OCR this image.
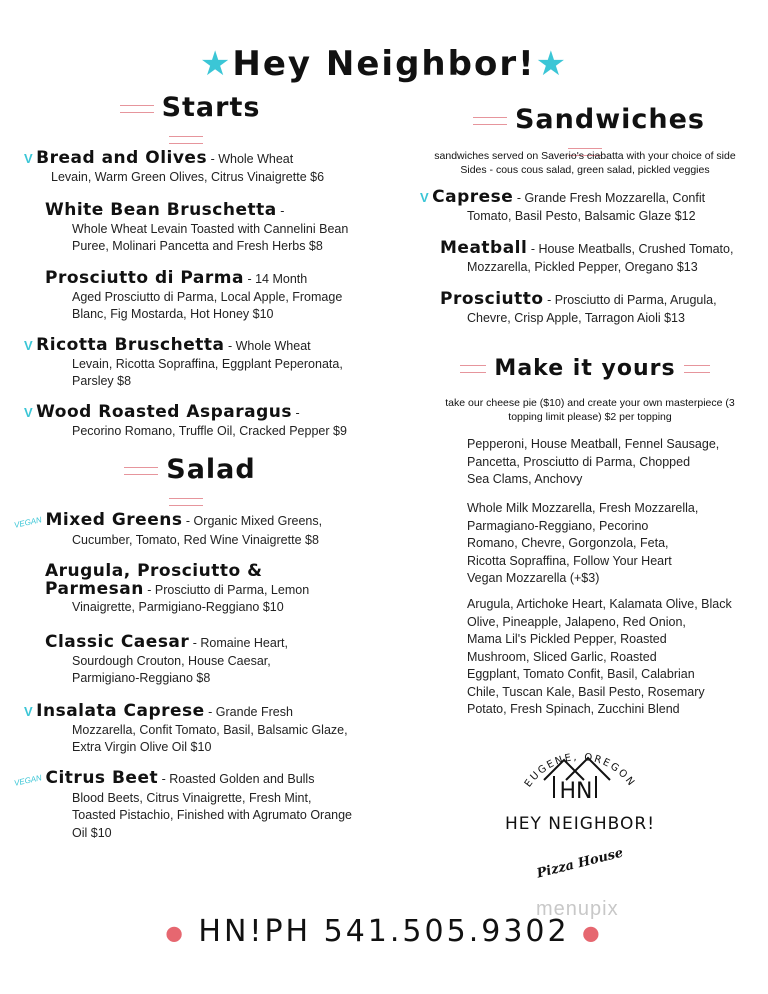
★Hey Neighbor!★
Starts
V Bread and Olives - Whole Wheat
Levain, Warm Green Olives, Citrus Vinaigrette $6
White Bean Bruschetta -
Whole Wheat Levain Toasted with Cannelini Bean
Puree, Molinari Pancetta and Fresh Herbs $8
Prosciutto di Parma - 14 Month
Aged Prosciutto di Parma, Local Apple, Fromage
Blanc, Fig Mostarda, Hot Honey $10
V Ricotta Bruschetta - Whole Wheat
Levain, Ricotta Sopraffina, Eggplant Peperonata,
Parsley $8
V Wood Roasted Asparagus -
Pecorino Romano, Truffle Oil, Cracked Pepper $9
Salad
VEGAN Mixed Greens - Organic Mixed Greens,
Cucumber, Tomato, Red Wine Vinaigrette $8
Arugula, Prosciutto &
Parmesan - Prosciutto di Parma, Lemon
Vinaigrette, Parmigiano-Reggiano $10
Classic Caesar - Romaine Heart,
Sourdough Crouton, House Caesar,
Parmigiano-Reggiano $8
V Insalata Caprese - Grande Fresh
Mozzarella, Confit Tomato, Basil, Balsamic Glaze,
Extra Virgin Olive Oil $10
VEGAN Citrus Beet - Roasted Golden and Bulls
Blood Beets, Citrus Vinaigrette, Fresh Mint,
Toasted Pistachio, Finished with Agrumato Orange
Oil $10
Sandwiches
sandwiches served on Saverio's ciabatta with your choice of side
Sides - cous cous salad, green salad, pickled veggies
V Caprese - Grande Fresh Mozzarella, Confit
Tomato, Basil Pesto, Balsamic Glaze $12
Meatball - House Meatballs, Crushed Tomato,
Mozzarella, Pickled Pepper, Oregano $13
Prosciutto - Prosciutto di Parma, Arugula,
Chevre, Crisp Apple, Tarragon Aioli $13
Make it yours
take our cheese pie ($10) and create your own masterpiece (3
topping limit please) $2 per topping
Pepperoni, House Meatball, Fennel Sausage,
Pancetta, Prosciutto di Parma, Chopped
Sea Clams, Anchovy
Whole Milk Mozzarella, Fresh Mozzarella,
Parmagiano-Reggiano, Pecorino
Romano, Chevre, Gorgonzola, Feta,
Ricotta Sopraffina, Follow Your Heart
Vegan Mozzarella (+$3)
Arugula, Artichoke Heart, Kalamata Olive, Black
Olive, Pineapple, Jalapeno, Red Onion,
Mama Lil's Pickled Pepper, Roasted
Mushroom, Sliced Garlic, Roasted
Eggplant, Tomato Confit, Basil, Calabrian
Chile, Tuscan Kale, Basil Pesto, Rosemary
Potato, Fresh Spinach, Zucchini Blend
EUGENE, OREGON
HN
HEY NEIGHBOR!
Pizza House
menupix
● HN!PH 541.505.9302 ●
